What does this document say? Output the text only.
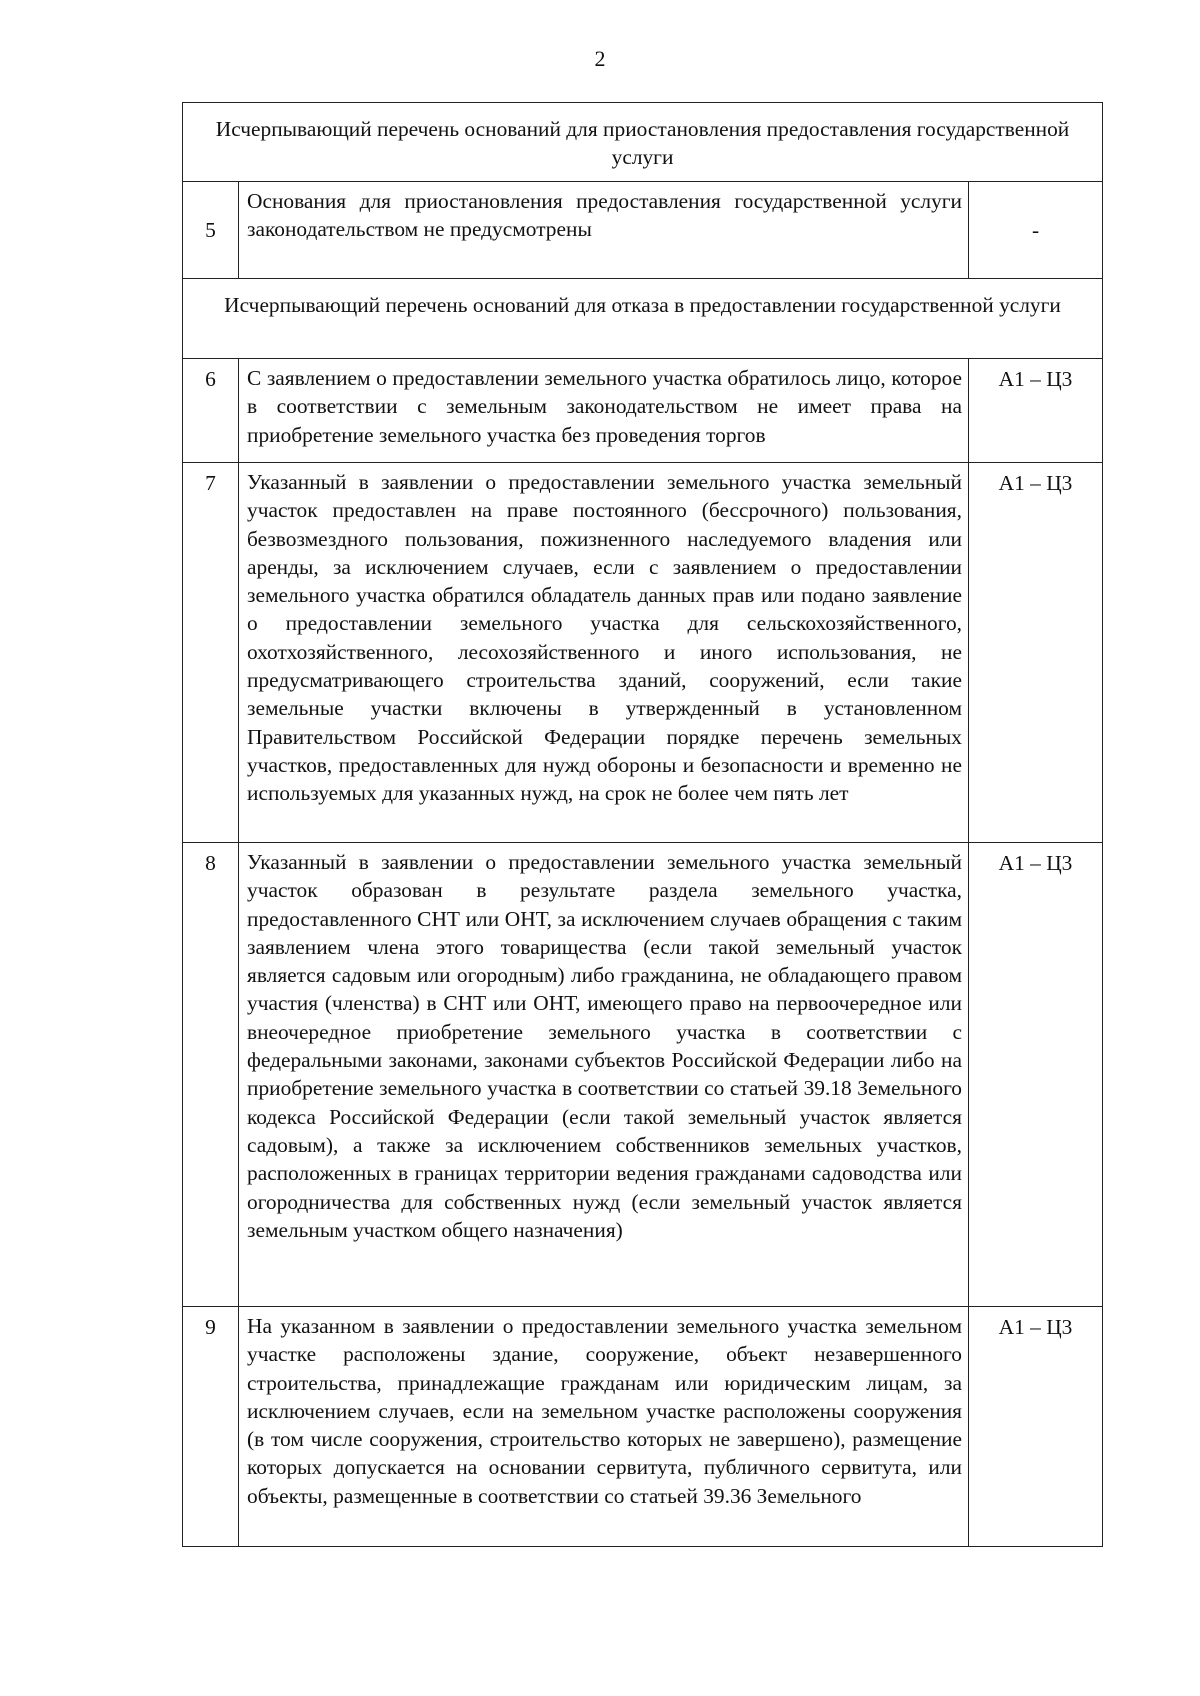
2
Исчерпывающий перечень оснований для приостановления предоставления государственной услуги		
5	Основания для приостановления предоставления государственной услуги законодательством не предусмотрены	-
Исчерпывающий перечень оснований для отказа в предоставлении государственной услуги		
6	С заявлением о предоставлении земельного участка обратилось лицо, которое в соответствии с земельным законодательством не имеет права на приобретение земельного участка без проведения торгов	А1 – Ц3
7	Указанный в заявлении о предоставлении земельного участка земельный участок предоставлен на праве постоянного (бессрочного) пользования, безвозмездного пользования, пожизненного наследуемого владения или аренды, за исключением случаев, если с заявлением о предоставлении земельного участка обратился обладатель данных прав или подано заявление о предоставлении земельного участка для сельскохозяйственного, охотхозяйственного, лесохозяйственного и иного использования, не предусматривающего строительства зданий, сооружений, если такие земельные участки включены в утвержденный в установленном Правительством Российской Федерации порядке перечень земельных участков, предоставленных для нужд обороны и безопасности и временно не используемых для указанных нужд, на срок не более чем пять лет	А1 – Ц3
8	Указанный в заявлении о предоставлении земельного участка земельный участок образован в результате раздела земельного участка, предоставленного СНТ или ОНТ, за исключением случаев обращения с таким заявлением члена этого товарищества (если такой земельный участок является садовым или огородным) либо гражданина, не обладающего правом участия (членства) в СНТ или ОНТ, имеющего право на первоочередное или внеочередное приобретение земельного участка в соответствии с федеральными законами, законами субъектов Российской Федерации либо на приобретение земельного участка в соответствии со статьей 39.18 Земельного кодекса Российской Федерации (если такой земельный участок является садовым), а также за исключением собственников земельных участков, расположенных в границах территории ведения гражданами садоводства или огородничества для собственных нужд (если земельный участок является земельным участком общего назначения)	А1 – Ц3
9	На указанном в заявлении о предоставлении земельного участка земельном участке расположены здание, сооружение, объект незавершенного строительства, принадлежащие гражданам или юридическим лицам, за исключением случаев, если на земельном участке расположены сооружения (в том числе сооружения, строительство которых не завершено), размещение которых допускается на основании сервитута, публичного сервитута, или объекты, размещенные в соответствии со статьей 39.36 Земельного	А1 – Ц3
